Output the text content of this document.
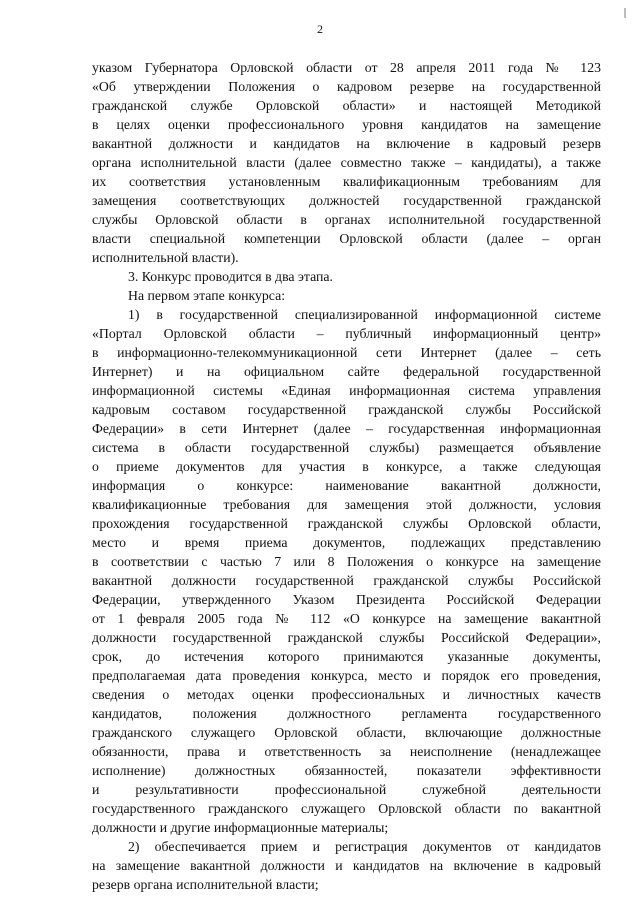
2
указом Губернатора Орловской области от 28 апреля 2011 года № 123
«Об утверждении Положения о кадровом резерве на государственной
гражданской службе Орловской области» и настоящей Методикой
в целях оценки профессионального уровня кандидатов на замещение
вакантной должности и кандидатов на включение в кадровый резерв
органа исполнительной власти (далее совместно также – кандидаты), а также
их соответствия установленным квалификационным требованиям для
замещения соответствующих должностей государственной гражданской
службы Орловской области в органах исполнительной государственной
власти специальной компетенции Орловской области (далее – орган
исполнительной власти).
3. Конкурс проводится в два этапа.
На первом этапе конкурса:
1) в государственной специализированной информационной системе
«Портал Орловской области – публичный информационный центр»
в информационно-телекоммуникационной сети Интернет (далее – сеть
Интернет) и на официальном сайте федеральной государственной
информационной системы «Единая информационная система управления
кадровым составом государственной гражданской службы Российской
Федерации» в сети Интернет (далее – государственная информационная
система в области государственной службы) размещается объявление
о приеме документов для участия в конкурсе, а также следующая
информация о конкурсе: наименование вакантной должности,
квалификационные требования для замещения этой должности, условия
прохождения государственной гражданской службы Орловской области,
место и время приема документов, подлежащих представлению
в соответствии с частью 7 или 8 Положения о конкурсе на замещение
вакантной должности государственной гражданской службы Российской
Федерации, утвержденного Указом Президента Российской Федерации
от 1 февраля 2005 года № 112 «О конкурсе на замещение вакантной
должности государственной гражданской службы Российской Федерации»,
срок, до истечения которого принимаются указанные документы,
предполагаемая дата проведения конкурса, место и порядок его проведения,
сведения о методах оценки профессиональных и личностных качеств
кандидатов, положения должностного регламента государственного
гражданского служащего Орловской области, включающие должностные
обязанности, права и ответственность за неисполнение (ненадлежащее
исполнение) должностных обязанностей, показатели эффективности
и результативности профессиональной служебной деятельности
государственного гражданского служащего Орловской области по вакантной
должности и другие информационные материалы;
2) обеспечивается прием и регистрация документов от кандидатов
на замещение вакантной должности и кандидатов на включение в кадровый
резерв органа исполнительной власти;
